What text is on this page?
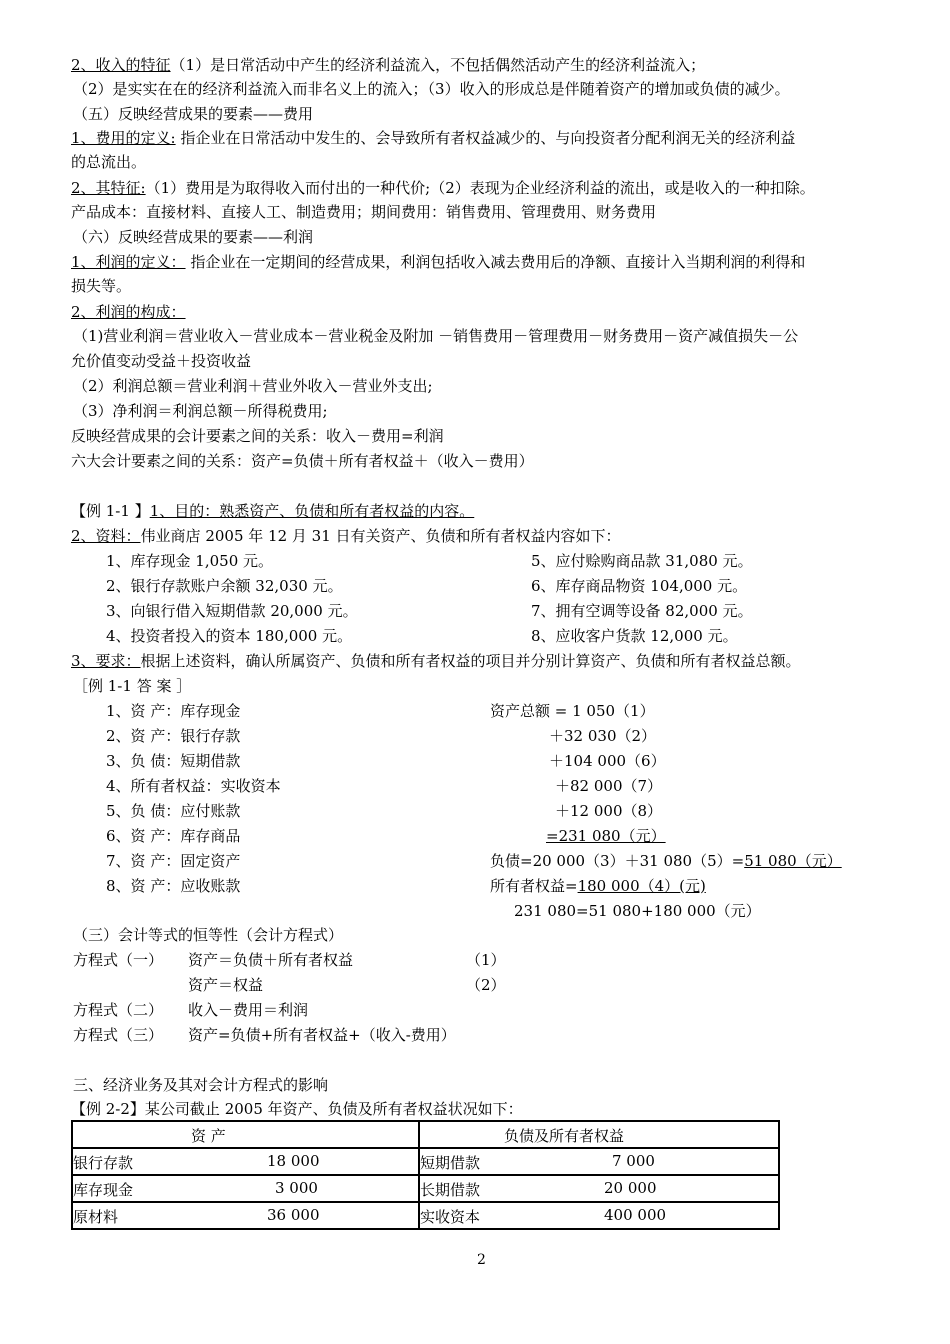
2、收入的特征（1）是日常活动中产生的经济利益流入，不包括偶然活动产生的经济利益流入；
（2）是实实在在的经济利益流入而非名义上的流入；（3）收入的形成总是伴随着资产的增加或负债的减少。
（五）反映经营成果的要素——费用
1、费用的定义: 指企业在日常活动中发生的、会导致所有者权益减少的、与向投资者分配利润无关的经济利益
的总流出。
2、其特征:（1）费用是为取得收入而付出的一种代价;（2）表现为企业经济利益的流出，或是收入的一种扣除。
产品成本：直接材料、直接人工、制造费用；期间费用：销售费用、管理费用、财务费用
（六）反映经营成果的要素——利润
1、利润的定义： 指企业在一定期间的经营成果，利润包括收入减去费用后的净额、直接计入当期利润的利得和
损失等。
2、利润的构成：
（1)营业利润＝营业收入－营业成本－营业税金及附加 －销售费用－管理费用－财务费用－资产减值损失－公
允价值变动受益＋投资收益
（2）利润总额＝营业利润＋营业外收入－营业外支出;
（3）净利润＝利润总额－所得税费用;
反映经营成果的会计要素之间的关系：收入－费用=利润
六大会计要素之间的关系：资产=负债＋所有者权益＋（收入－费用）
【例 1-1 】1、目的：熟悉资产、负债和所有者权益的内容。
2、资料：伟业商店 2005 年 12 月 31 日有关资产、负债和所有者权益内容如下：
1、库存现金 1,050 元。
2、银行存款账户余额 32,030 元。
3、向银行借入短期借款 20,000 元。
4、投资者投入的资本 180,000 元。
5、应付赊购商品款 31,080 元。
6、库存商品物资 104,000 元。
7、拥有空调等设备 82,000 元。
8、应收客户货款 12,000 元。
3、要求：根据上述资料，确认所属资产、负债和所有者权益的项目并分别计算资产、负债和所有者权益总额。
［例 1-1 答 案 ］
1、资 产：库存现金
2、资 产：银行存款
3、负 债：短期借款
4、所有者权益：实收资本
5、负 债：应付账款
6、资 产：库存商品
7、资 产：固定资产
8、资 产：应收账款
资产总额 = 1 050（1）
＋32 030（2）
＋104 000（6）
＋82 000（7）
＋12 000（8）
=231 080（元）
负债=20 000（3）＋31 080（5）=51 080（元）
所有者权益=180 000（4）(元)
231 080=51 080+180 000（元）
（三）会计等式的恒等性（会计方程式）
方程式（一） 资产＝负债＋所有者权益	（1）
资产＝权益	（2）
方程式（二） 收入－费用＝利润
方程式（三） 资产=负债+所有者权益+（收入-费用）
三、经济业务及其对会计方程式的影响
【例 2-2】某公司截止 2005 年资产、负债及所有者权益状况如下：
资 产	负债及所有者权益

银行存款 18 000	短期借款 7 000

库存现金 3 000	长期借款 20 000

原材料 36 000	实收资本 400 000
2
